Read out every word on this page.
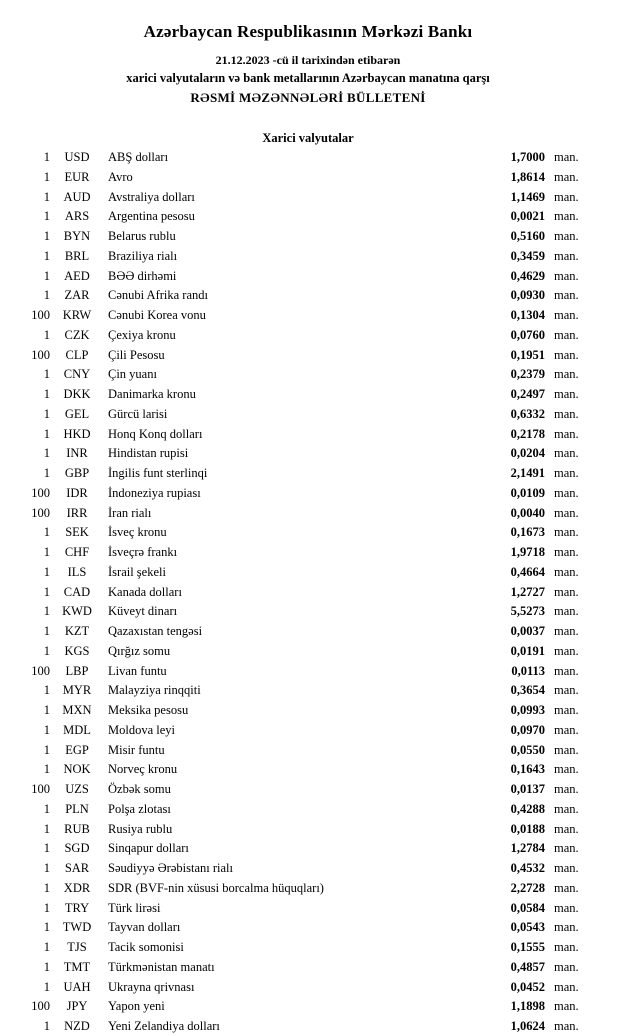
Azərbaycan Respublikasının Mərkəzi Bankı
21.12.2023 -cü il tarixindən etibarən
xarici valyutaların və bank metallarının Azərbaycan manatına qarşı
RƏSMİ MƏZƏNNƏLƏRİ BÜLLETENİ
Xarici valyutalar
1	USD	ABŞ dolları	1,7000 man.
1	EUR	Avro	1,8614 man.
1	AUD	Avstraliya dolları	1,1469 man.
1	ARS	Argentina pesosu	0,0021 man.
1	BYN	Belarus rublu	0,5160 man.
1	BRL	Braziliya rialı	0,3459 man.
1	AED	BƏƏ dirhəmi	0,4629 man.
1	ZAR	Cənubi Afrika randı	0,0930 man.
100	KRW	Cənubi Korea vonu	0,1304 man.
1	CZK	Çexiya kronu	0,0760 man.
100	CLP	Çili Pesosu	0,1951 man.
1	CNY	Çin yuanı	0,2379 man.
1	DKK	Danimarka kronu	0,2497 man.
1	GEL	Gürcü larisi	0,6332 man.
1	HKD	Honq Konq dolları	0,2178 man.
1	INR	Hindistan rupisi	0,0204 man.
1	GBP	İngilis funt sterlinqi	2,1491 man.
100	IDR	İndoneziya rupiası	0,0109 man.
100	IRR	İran rialı	0,0040 man.
1	SEK	İsveç kronu	0,1673 man.
1	CHF	İsveçrə frankı	1,9718 man.
1	ILS	İsrail şekeli	0,4664 man.
1	CAD	Kanada dolları	1,2727 man.
1 KWD	Küveyt dinarı	5,5273 man.
1	KZT	Qazaxıstan tengəsi	0,0037 man.
1	KGS	Qırğız somu	0,0191 man.
100	LBP	Livan funtu	0,0113 man.
1	MYR	Malayziya rinqqiti	0,3654 man.
1 MXN	Meksika pesosu	0,0993 man.
1	MDL	Moldova leyi	0,0970 man.
1	EGP	Misir funtu	0,0550 man.
1	NOK	Norveç kronu	0,1643 man.
100	UZS	Özbək somu	0,0137 man.
1	PLN	Polşa zlotası	0,4288 man.
1	RUB	Rusiya rublu	0,0188 man.
1	SGD	Sinqapur dolları	1,2784 man.
1	SAR	Səudiyyə Ərəbistanı rialı	0,4532 man.
1	XDR	SDR (BVF-nin xüsusi borcalma hüquqları)	2,2728 man.
1	TRY	Türk lirəsi	0,0584 man.
1	TWD	Tayvan dolları	0,0543 man.
1	TJS	Tacik somonisi	0,1555 man.
1	TMT	Türkmənistan manatı	0,4857 man.
1	UAH	Ukrayna qrivnası	0,0452 man.
100	JPY	Yapon yeni	1,1898 man.
1	NZD	Yeni Zelandiya dolları	1,0624 man.
